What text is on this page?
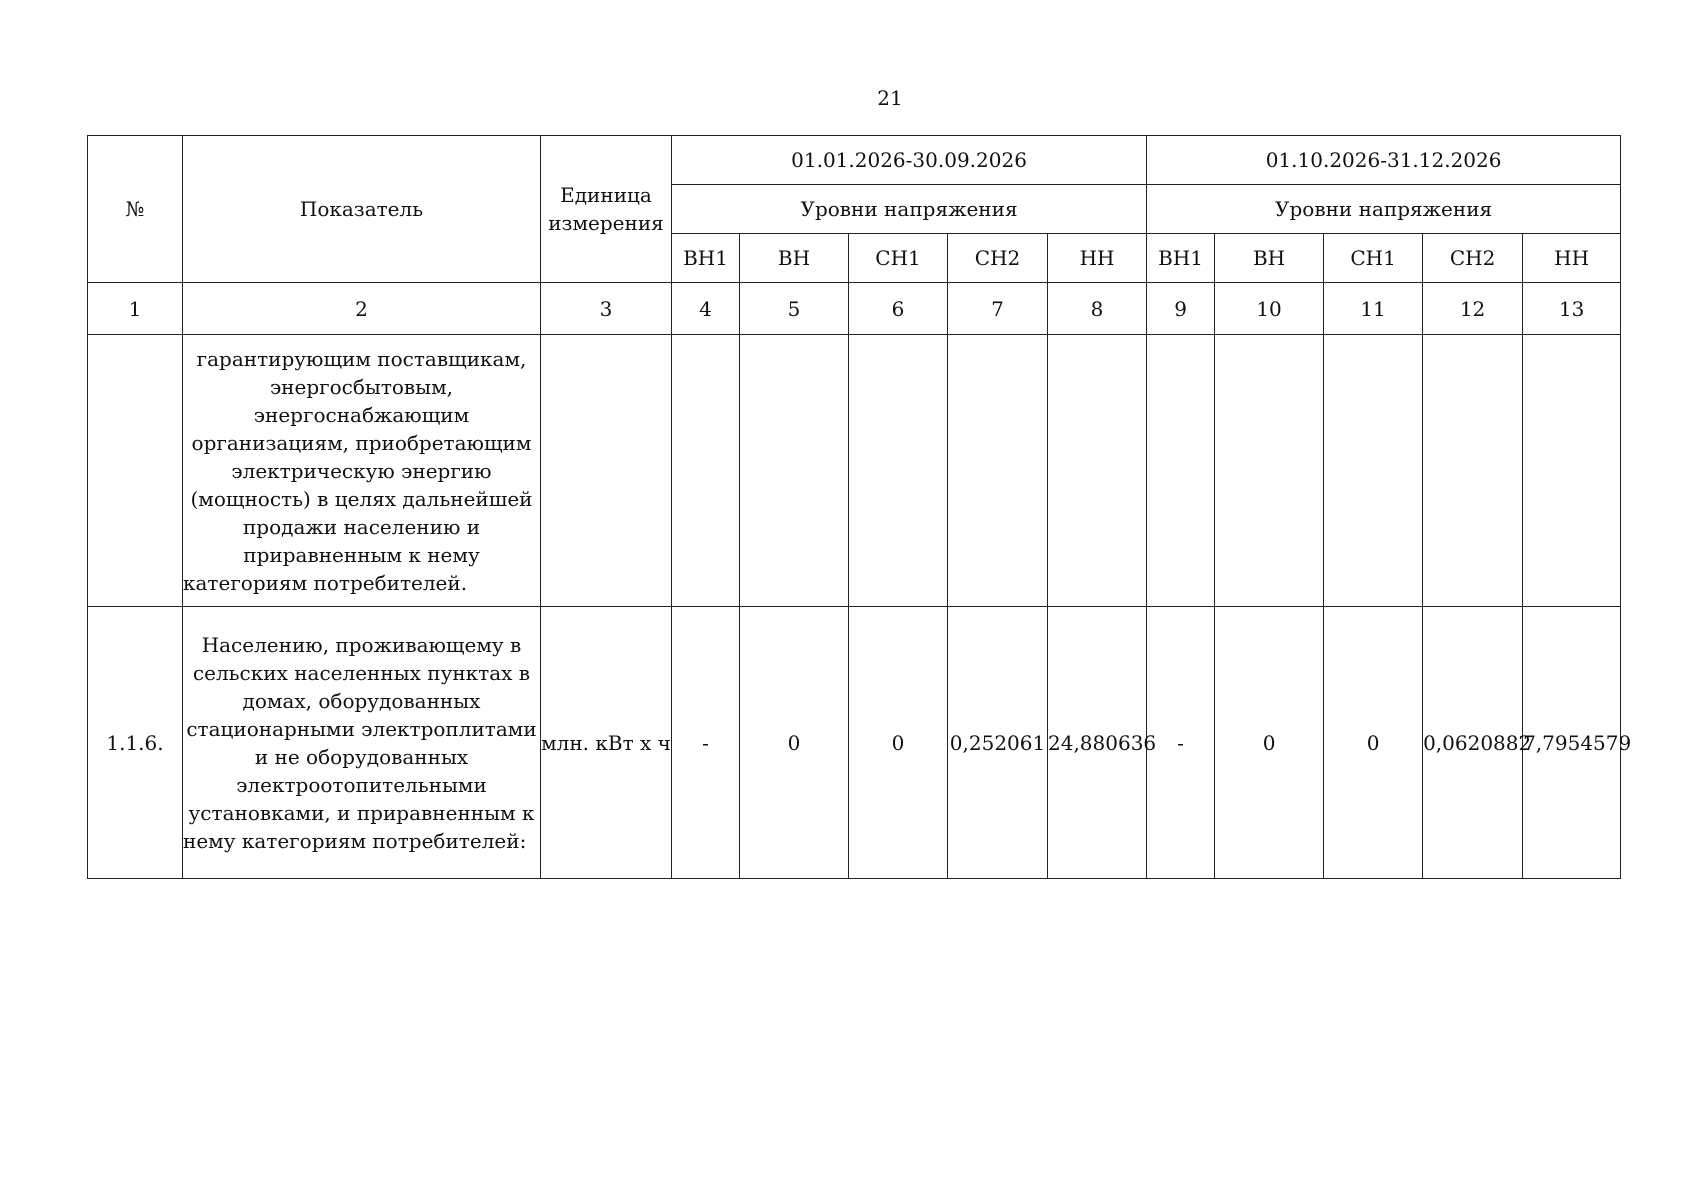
21
№	Показатель	Единица измерения	01.01.2026-30.09.2026					01.10.2026-31.12.2026				
			Уровни напряжения					Уровни напряжения				
			ВН1	ВН	СН1	СН2	НН	ВН1	ВН	СН1	СН2	НН
1	2	3	4	5	6	7	8	9	10	11	12	13
	гарантирующим поставщикам, энергосбытовым, энергоснабжающим организациям, приобретающим электрическую энергию (мощность) в целях дальнейшей продажи населению и приравненным к нему категориям потребителей.											
1.1.6.	Населению, проживающему в сельских населенных пунктах в домах, оборудованных стационарными электроплитами и не оборудованных электроотопительными установками, и приравненным к нему категориям потребителей:	млн. кВт х ч	-	0	0	0,252061	24,880636	-	0	0	0,0620882	7,7954579
